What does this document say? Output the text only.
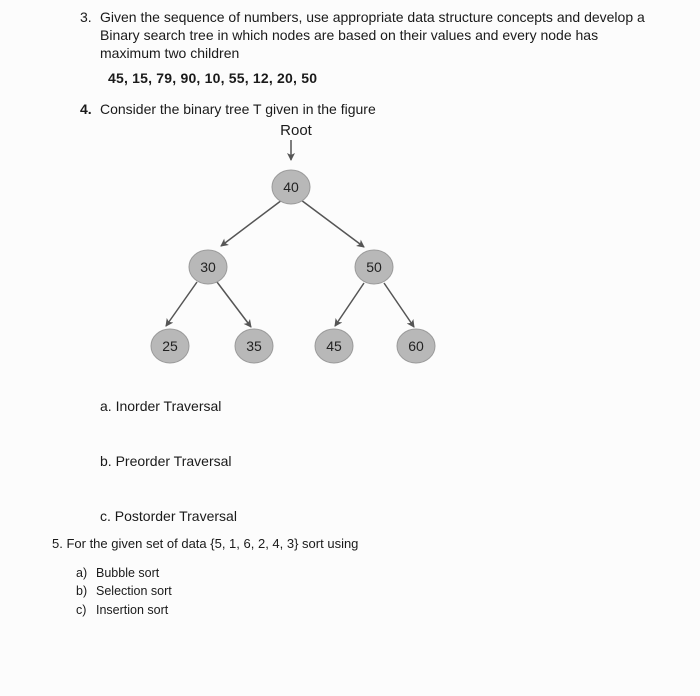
3. Given the sequence of numbers, use appropriate data structure concepts and develop a Binary search tree in which nodes are based on their values and every node has maximum two children
45, 15, 79, 90, 10, 55, 12, 20, 50
4. Consider the binary tree T given in the figure
Root
40
30	50
25	35	45	60
a. Inorder Traversal
b. Preorder Traversal
c. Postorder Traversal
5. For the given set of data {5, 1, 6, 2, 4, 3} sort using
a) Bubble sort
b) Selection sort
c) Insertion sort
